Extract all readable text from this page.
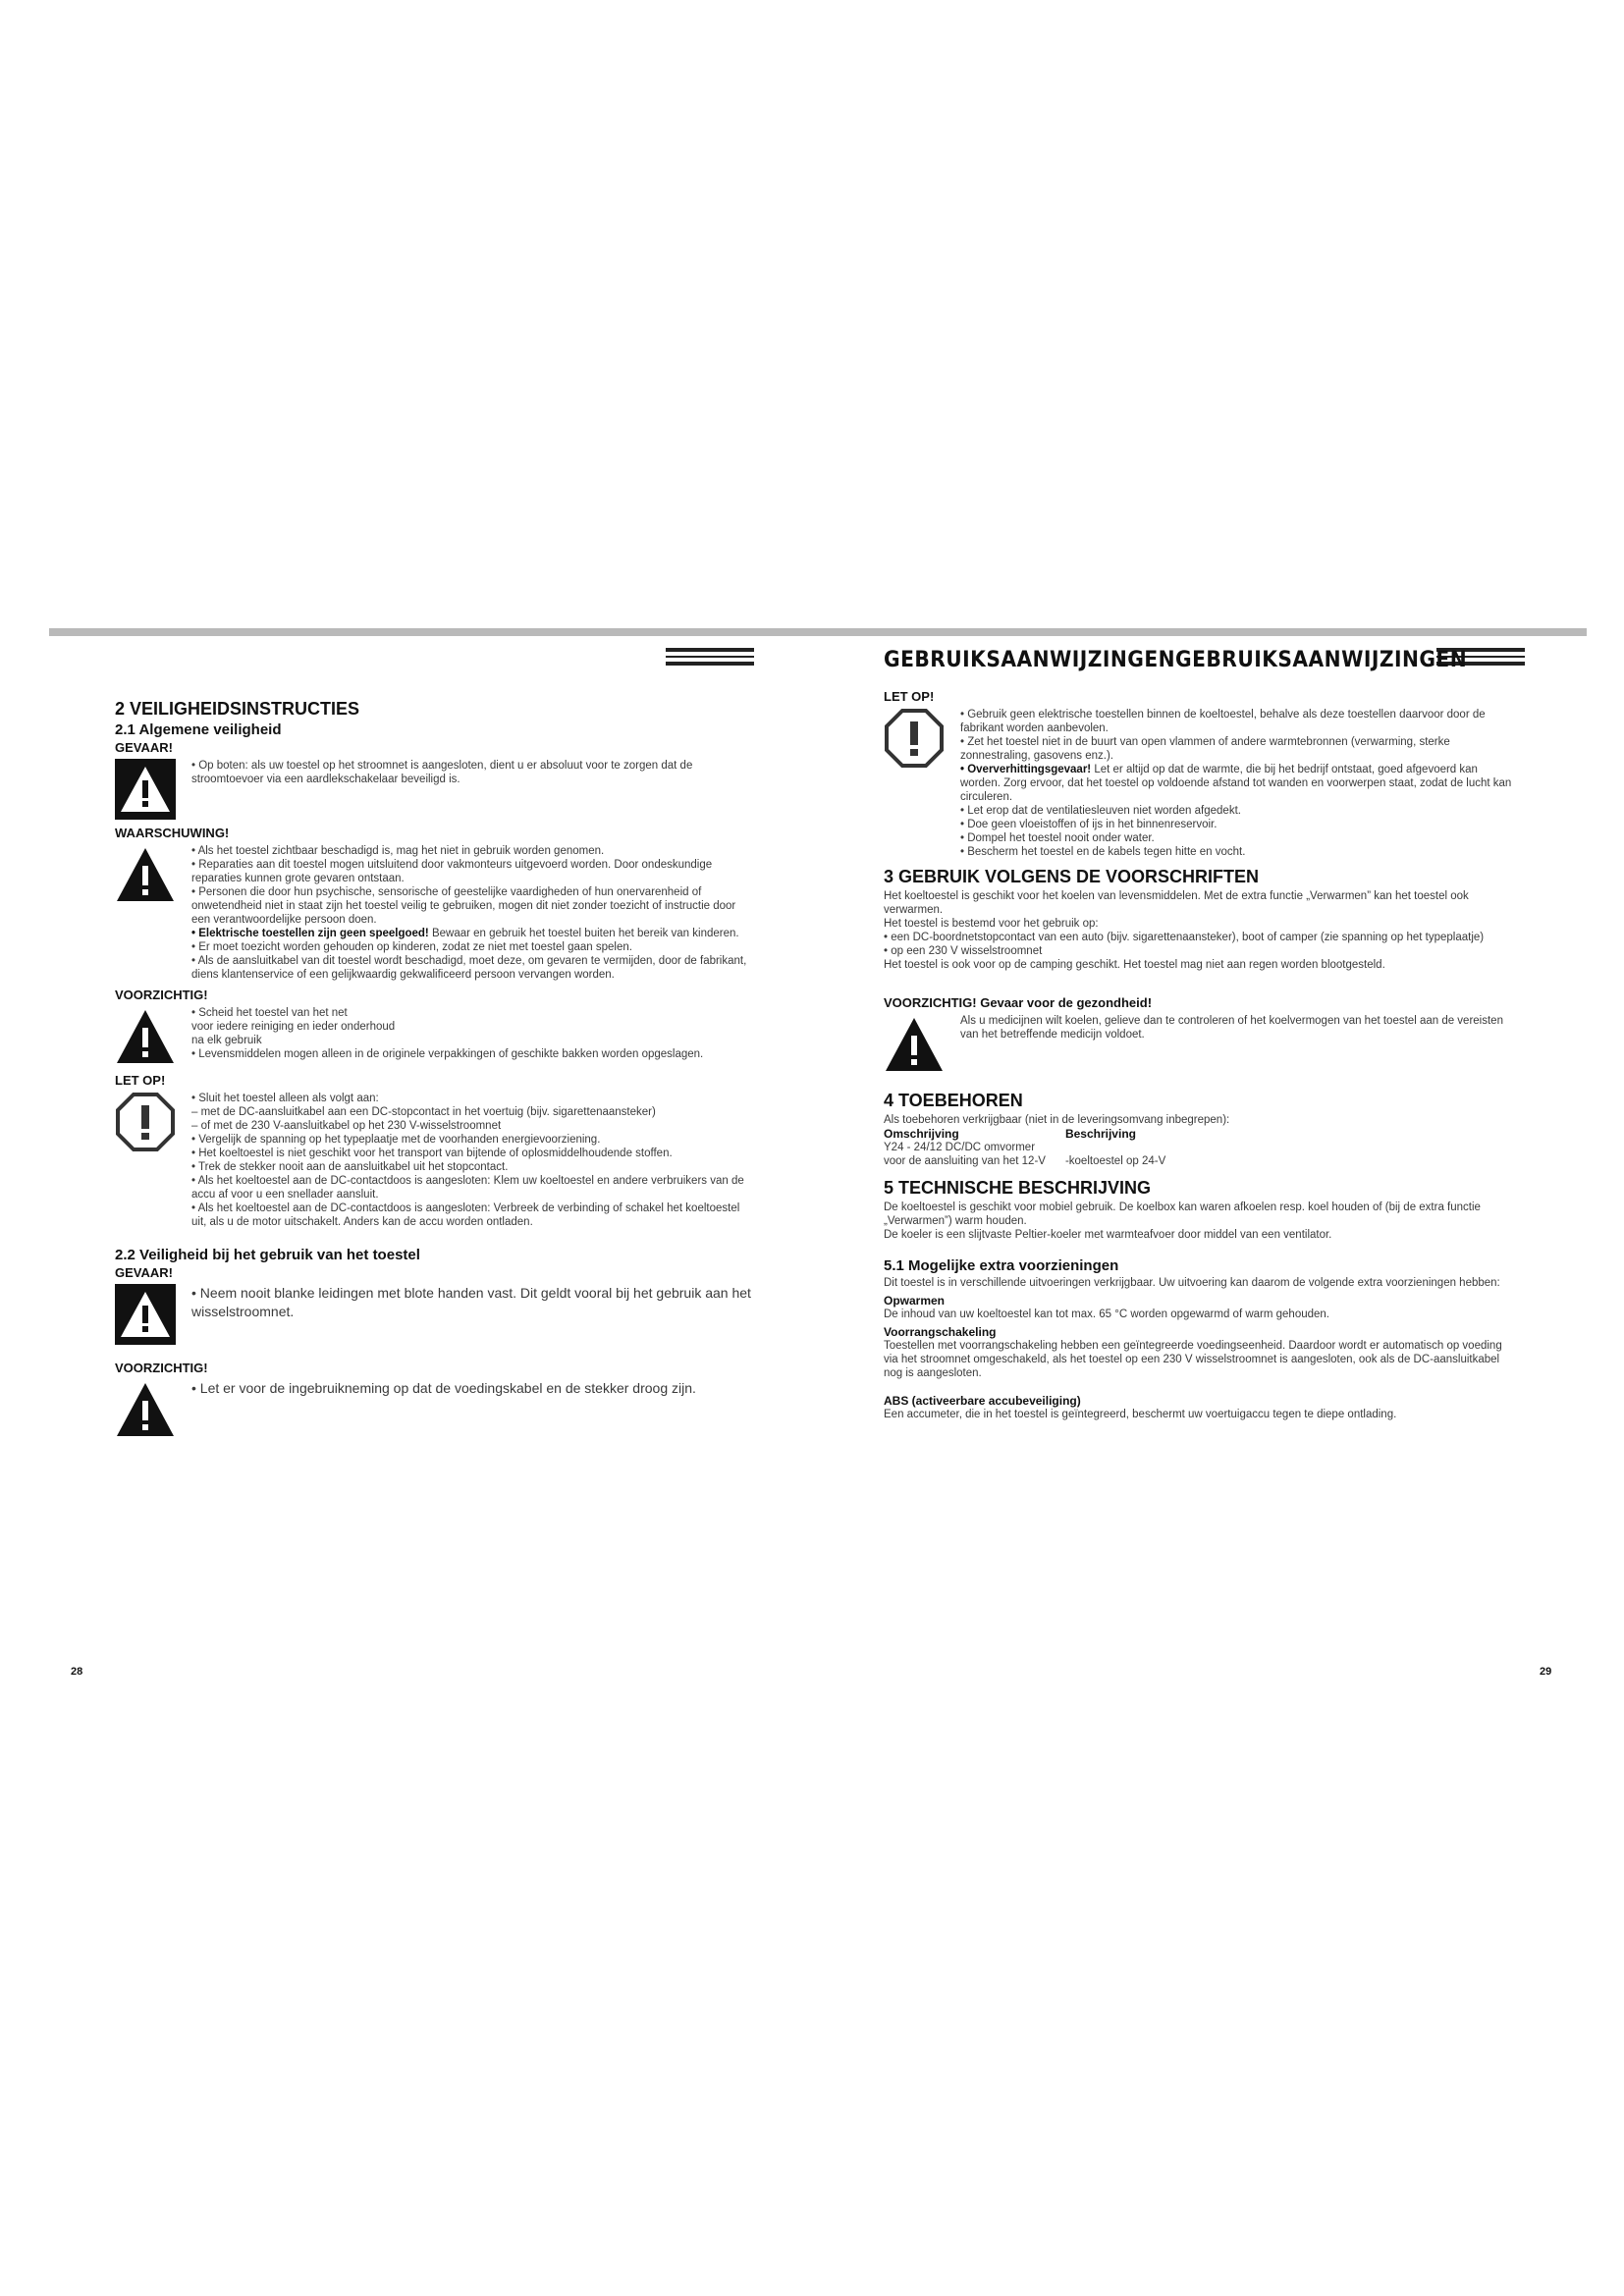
GEBRUIKSAANWIJZINGENGEBRUIKSAANWIJZINGEN
2 VEILIGHEIDSINSTRUCTIES
2.1 Algemene veiligheid
GEVAAR!

• Op boten: als uw toestel op het stroomnet is aangesloten, dient u er absoluut voor te zorgen dat de stroomtoevoer via een aardlekschakelaar beveiligd is.

WAARSCHUWING!

• Als het toestel zichtbaar beschadigd is, mag het niet in gebruik worden genomen.

• Reparaties aan dit toestel mogen uitsluitend door vakmonteurs uitgevoerd worden. Door ondeskundige reparaties kunnen grote gevaren ontstaan.

• Personen die door hun psychische, sensorische of geestelijke vaardigheden of hun onervarenheid of onwetendheid niet in staat zijn het toestel veilig te gebruiken, mogen dit niet zonder toezicht of instructie door een verantwoordelijke persoon doen.

• Elektrische toestellen zijn geen speelgoed! Bewaar en gebruik het toestel buiten het bereik van kinderen.

• Er moet toezicht worden gehouden op kinderen, zodat ze niet met toestel gaan spelen.

• Als de aansluitkabel van dit toestel wordt beschadigd, moet deze, om gevaren te vermijden, door de fabrikant, diens klantenservice of een gelijkwaardig gekwalificeerd persoon vervangen worden.

VOORZICHTIG!

• Scheid het toestel van het net

voor iedere reiniging en ieder onderhoud

na elk gebruik

• Levensmiddelen mogen alleen in de originele verpakkingen of geschikte bakken worden opgeslagen.

LET OP!

• Sluit het toestel alleen als volgt aan:

– met de DC-aansluitkabel aan een DC-stopcontact in het voertuig (bijv. sigarettenaansteker)

– of met de 230 V-aansluitkabel op het 230 V-wisselstroomnet

• Vergelijk de spanning op het typeplaatje met de voorhanden energievoorziening.

• Het koeltoestel is niet geschikt voor het transport van bijtende of oplosmiddelhoudende stoffen.

• Trek de stekker nooit aan de aansluitkabel uit het stopcontact.

• Als het koeltoestel aan de DC-contactdoos is aangesloten: Klem uw koeltoestel en andere verbruikers van de accu af voor u een snellader aansluit.

• Als het koeltoestel aan de DC-contactdoos is aangesloten: Verbreek de verbinding of schakel het koeltoestel uit, als u de motor uitschakelt. Anders kan de accu worden ontladen.

2.2 Veiligheid bij het gebruik van het toestel
GEVAAR!

• Neem nooit blanke leidingen met blote handen vast. Dit geldt vooral bij het gebruik aan het wisselstroomnet.

VOORZICHTIG!

• Let er voor de ingebruikneming op dat de voedingskabel en de stekker droog zijn.

LET OP!

• Gebruik geen elektrische toestellen binnen de koeltoestel, behalve als deze toestellen daarvoor door de fabrikant worden aanbevolen.

• Zet het toestel niet in de buurt van open vlammen of andere warmtebronnen (verwarming, sterke zonnestraling, gasovens enz.).

• Oververhittingsgevaar! Let er altijd op dat de warmte, die bij het bedrijf ontstaat, goed afgevoerd kan worden. Zorg ervoor, dat het toestel op voldoende afstand tot wanden en voorwerpen staat, zodat de lucht kan circuleren.

• Let erop dat de ventilatiesleuven niet worden afgedekt.

• Doe geen vloeistoffen of ijs in het binnenreservoir.

• Dompel het toestel nooit onder water.

• Bescherm het toestel en de kabels tegen hitte en vocht.

3 GEBRUIK VOLGENS DE VOORSCHRIFTEN

Het koeltoestel is geschikt voor het koelen van levensmiddelen. Met de extra functie „Verwarmen” kan het toestel ook verwarmen.

Het toestel is bestemd voor het gebruik op:

• een DC-boordnetstopcontact van een auto (bijv. sigarettenaansteker), boot of camper (zie spanning op het typeplaatje)

• op een 230 V wisselstroomnet

Het toestel is ook voor op de camping geschikt. Het toestel mag niet aan regen worden blootgesteld.

VOORZICHTIG! Gevaar voor de gezondheid!

Als u medicijnen wilt koelen, gelieve dan te controleren of het koelvermogen van het toestel aan de vereisten van het betreffende medicijn voldoet.

4 TOEBEHOREN
Als toebehoren verkrijgbaar (niet in de leveringsomvang inbegrepen):
Omschrijving	Beschrijving
Y24 - 24/12 DC/DC omvormer	
voor de aansluiting van het 12-V	-koeltoestel op 24-V
5 TECHNISCHE BESCHRIJVING

De koeltoestel is geschikt voor mobiel gebruik. De koelbox kan waren afkoelen resp. koel houden of (bij de extra functie „Verwarmen”) warm houden.

De koeler is een slijtvaste Peltier-koeler met warmteafvoer door middel van een ventilator.

5.1 Mogelijke extra voorzieningen
Dit toestel is in verschillende uitvoeringen verkrijgbaar. Uw uitvoering kan daarom de volgende extra voorzieningen hebben:
Opwarmen
De inhoud van uw koeltoestel kan tot max. 65 °C worden opgewarmd of warm gehouden.
Voorrangschakeling
Toestellen met voorrangschakeling hebben een geïntegreerde voedingseenheid. Daardoor wordt er automatisch op voeding via het stroomnet omgeschakeld, als het toestel op een 230 V wisselstroomnet is aangesloten, ook als de DC-aansluitkabel nog is aangesloten.
ABS (activeerbare accubeveiliging)
Een accumeter, die in het toestel is geïntegreerd, beschermt uw voertuigaccu tegen te diepe ontlading.
28	29
